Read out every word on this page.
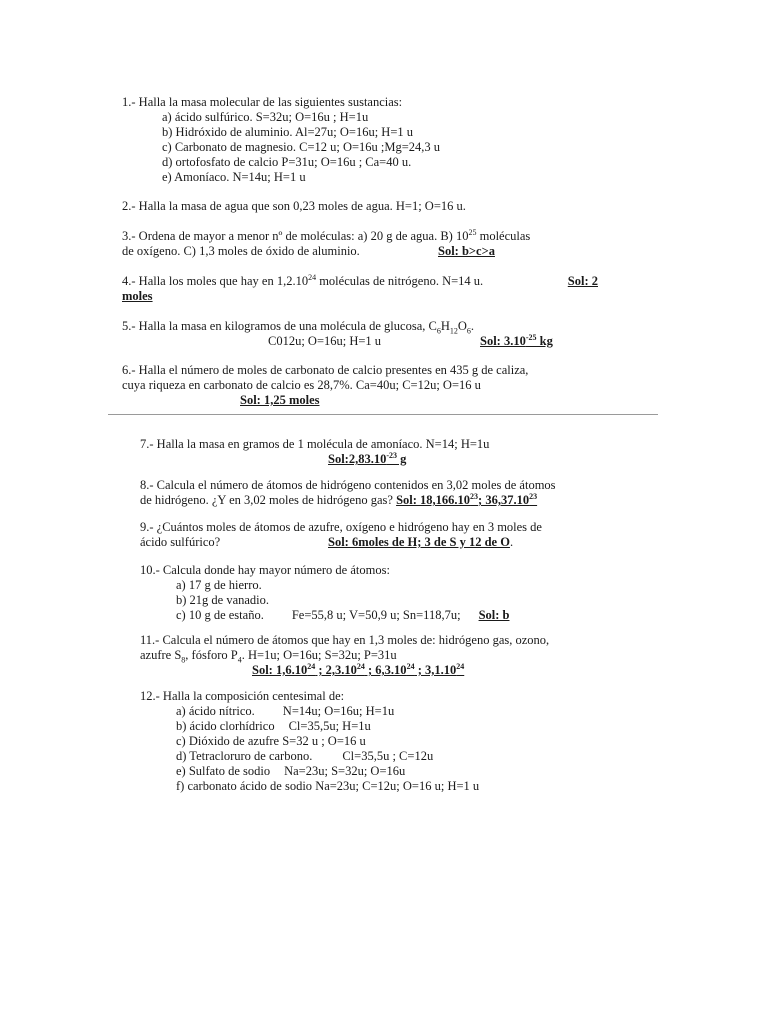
1.- Halla la masa molecular de las siguientes sustancias:
a) ácido sulfúrico. S=32u; O=16u ; H=1u
b) Hidróxido de aluminio. Al=27u; O=16u; H=1 u
c) Carbonato de magnesio. C=12 u; O=16u ;Mg=24,3 u
d) ortofosfato de calcio P=31u; O=16u ; Ca=40 u.
e) Amoníaco. N=14u; H=1 u
2.- Halla la masa de agua que son 0,23 moles de agua. H=1; O=16 u.
3.- Ordena de mayor a menor nº de moléculas: a) 20 g de agua. B) $10^{25}$ moléculas
de oxígeno. C) 1,3 moles de óxido de aluminio.	Sol: b>c>a
4.- Halla los moles que hay en 1,2.10$^{24}$ moléculas de nitrógeno. N=14 u.	Sol: 2
moles
5.- Halla la masa en kilogramos de una molécula de glucosa, $C_6H_{12}O_6$.
C012u; O=16u; H=1 u	Sol: $3.10^{-25}$ kg
6.- Halla el número de moles de carbonato de calcio presentes en 435 g de caliza,
cuya riqueza en carbonato de calcio es 28,7%. Ca=40u; C=12u; O=16 u
Sol: 1,25 moles
7.- Halla la masa en gramos de 1 molécula de amoníaco. N=14; H=1u
$Sol:2,83.10^{-23}$ g
8.- Calcula el número de átomos de hidrógeno contenidos en 3,02 moles de átomos
de hidrógeno. ¿Y en 3,02 moles de hidrógeno gas? Sol: 18,166.10$^{23}$; 36,37.10$^{23}$
9.- ¿Cuántos moles de átomos de azufre, oxígeno e hidrógeno hay en 3 moles de
ácido sulfúrico?	Sol: 6moles de H; 3 de S y 12 de O.
10.- Calcula donde hay mayor número de átomos:
a) 17 g de hierro.
b) 21g de vanadio.
c) 10 g de estaño. Fe=55,8 u; V=50,9 u; Sn=118,7u; Sol: b
11.- Calcula el número de átomos que hay en 1,3 moles de: hidrógeno gas, ozono,
azufre $S_8$, fósforo $P_4$. H=1u; O=16u; S=32u; P=31u
Sol: 1,6.10$^{24}$ ; 2,3.10$^{24}$ ; 6,3.10$^{24}$ ; 3,1.10$^{24}$
12.- Halla la composición centesimal de:
a) ácido nítrico. N=14u; O=16u; H=1u
b) ácido clorhídrico Cl=35,5u; H=1u
c) Dióxido de azufre S=32 u ; O=16 u
d) Tetracloruro de carbono. Cl=35,5u ; C=12u
e) Sulfato de sodio Na=23u; S=32u; O=16u
f) carbonato ácido de sodio Na=23u; C=12u; O=16 u; H=1 u
